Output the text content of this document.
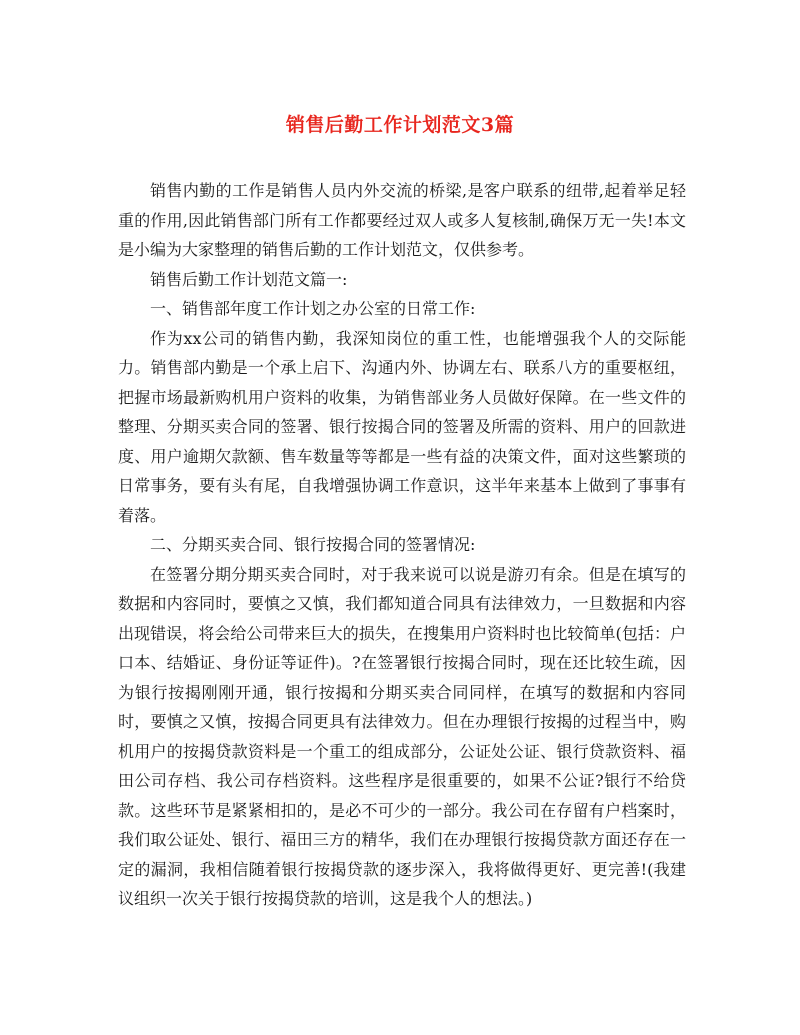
销售后勤工作计划范文3篇

销售内勤的工作是销售人员内外交流的桥梁,是客户联系的纽带,起着举足轻重的作用,因此销售部门所有工作都要经过双人或多人复核制,确保万无一失!本文是小编为大家整理的销售后勤的工作计划范文，仅供参考。

销售后勤工作计划范文篇一:

一、销售部年度工作计划之办公室的日常工作:

作为xx公司的销售内勤，我深知岗位的重工性，也能增强我个人的交际能力。销售部内勤是一个承上启下、沟通内外、协调左右、联系八方的重要枢纽，把握市场最新购机用户资料的收集，为销售部业务人员做好保障。在一些文件的整理、分期买卖合同的签署、银行按揭合同的签署及所需的资料、用户的回款进度、用户逾期欠款额、售车数量等等都是一些有益的决策文件，面对这些繁琐的日常事务，要有头有尾，自我增强协调工作意识，这半年来基本上做到了事事有着落。

二、分期买卖合同、银行按揭合同的签署情况:

在签署分期分期买卖合同时，对于我来说可以说是游刃有余。但是在填写的数据和内容同时，要慎之又慎，我们都知道合同具有法律效力，一旦数据和内容出现错误，将会给公司带来巨大的损失，在搜集用户资料时也比较简单(包括：户口本、结婚证、身份证等证件)。?在签署银行按揭合同时，现在还比较生疏，因为银行按揭刚刚开通，银行按揭和分期买卖合同同样，在填写的数据和内容同时，要慎之又慎，按揭合同更具有法律效力。但在办理银行按揭的过程当中，购机用户的按揭贷款资料是一个重工的组成部分，公证处公证、银行贷款资料、福田公司存档、我公司存档资料。这些程序是很重要的，如果不公证?银行不给贷款。这些环节是紧紧相扣的，是必不可少的一部分。我公司在存留有户档案时，我们取公证处、银行、福田三方的精华，我们在办理银行按揭贷款方面还存在一定的漏洞，我相信随着银行按揭贷款的逐步深入，我将做得更好、更完善!(我建议组织一次关于银行按揭贷款的培训，这是我个人的想法。)
